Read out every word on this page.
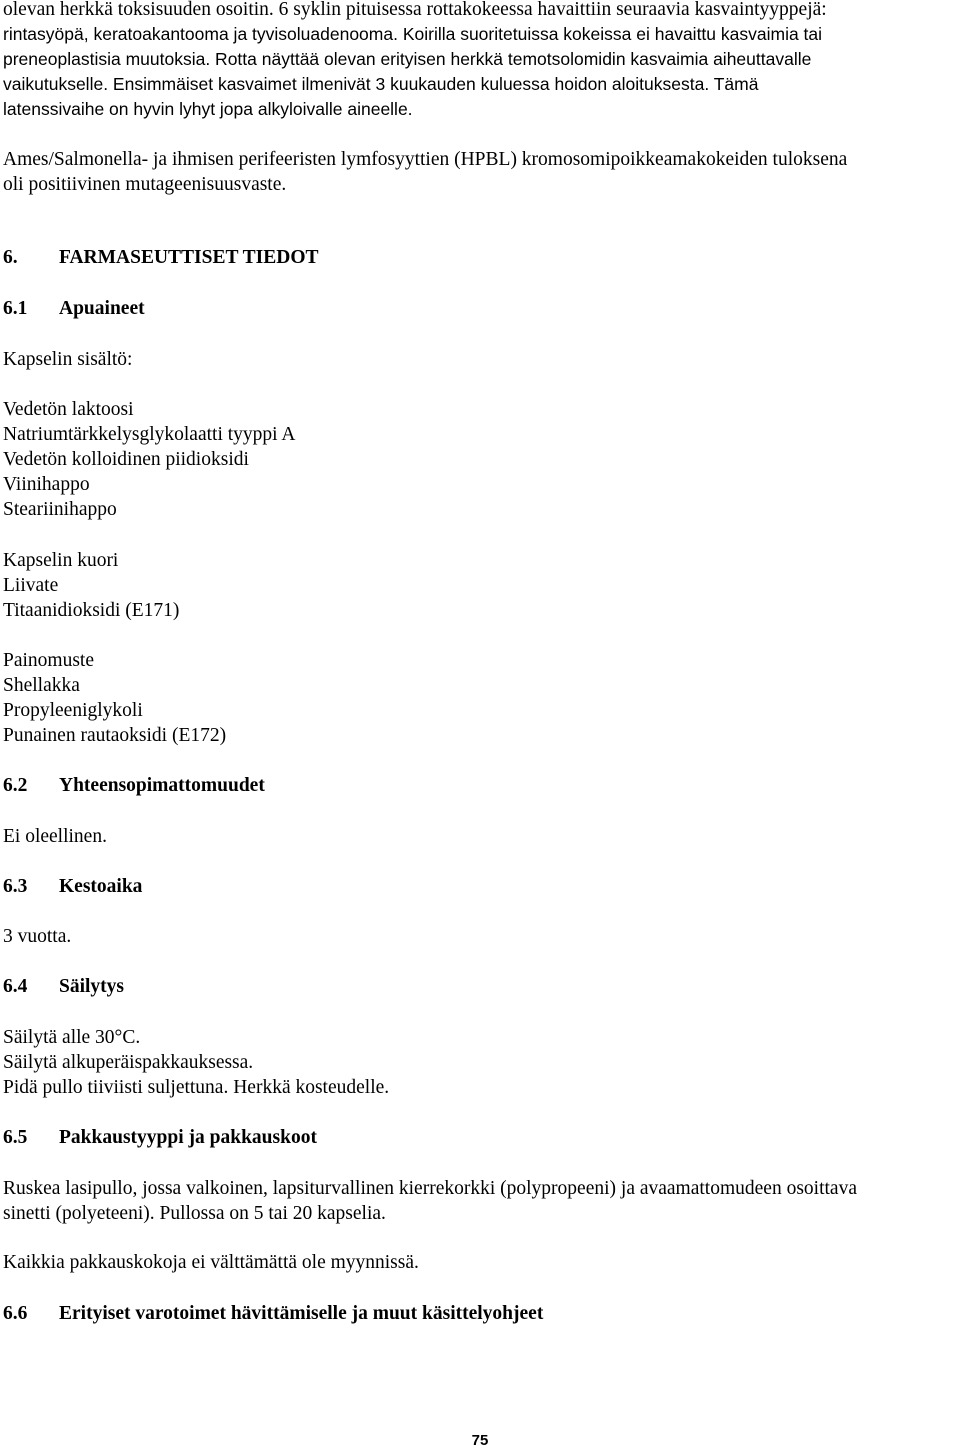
olevan herkkä toksisuuden osoitin. 6 syklin pituisessa rottakokeessa havaittiin seuraavia kasvaintyyppejä:
rintasyöpä, keratoakantooma ja tyvisoluadenooma. Koirilla suoritetuissa kokeissa ei havaittu kasvaimia tai
preneoplastisia muutoksia. Rotta näyttää olevan erityisen herkkä temotsolomidin kasvaimia aiheuttavalle
vaikutukselle. Ensimmäiset kasvaimet ilmenivät 3 kuukauden kuluessa hoidon aloituksesta. Tämä
latenssivaihe on hyvin lyhyt jopa alkyloivalle aineelle.
Ames/Salmonella- ja ihmisen perifeeristen lymfosyyttien (HPBL) kromosomipoikkeamakokeiden tuloksena
oli positiivinen mutageenisuusvaste.
6. FARMASEUTTISET TIEDOT
6.1 Apuaineet
Kapselin sisältö:
Vedetön laktoosi
Natriumtärkkelysglykolaatti tyyppi A
Vedetön kolloidinen piidioksidi
Viinihappo
Steariinihappo
Kapselin kuori
Liivate
Titaanidioksidi (E171)
Painomuste
Shellakka
Propyleeniglykoli
Punainen rautaoksidi (E172)
6.2 Yhteensopimattomuudet
Ei oleellinen.
6.3 Kestoaika
3 vuotta.
6.4 Säilytys
Säilytä alle 30°C.
Säilytä alkuperäispakkauksessa.
Pidä pullo tiiviisti suljettuna. Herkkä kosteudelle.
6.5 Pakkaustyyppi ja pakkauskoot
Ruskea lasipullo, jossa valkoinen, lapsiturvallinen kierrekorkki (polypropeeni) ja avaamattomudeen osoittava
sinetti (polyeteeni). Pullossa on 5 tai 20 kapselia.
Kaikkia pakkauskokoja ei välttämättä ole myynnissä.
6.6 Erityiset varotoimet hävittämiselle ja muut käsittelyohjeet
75
